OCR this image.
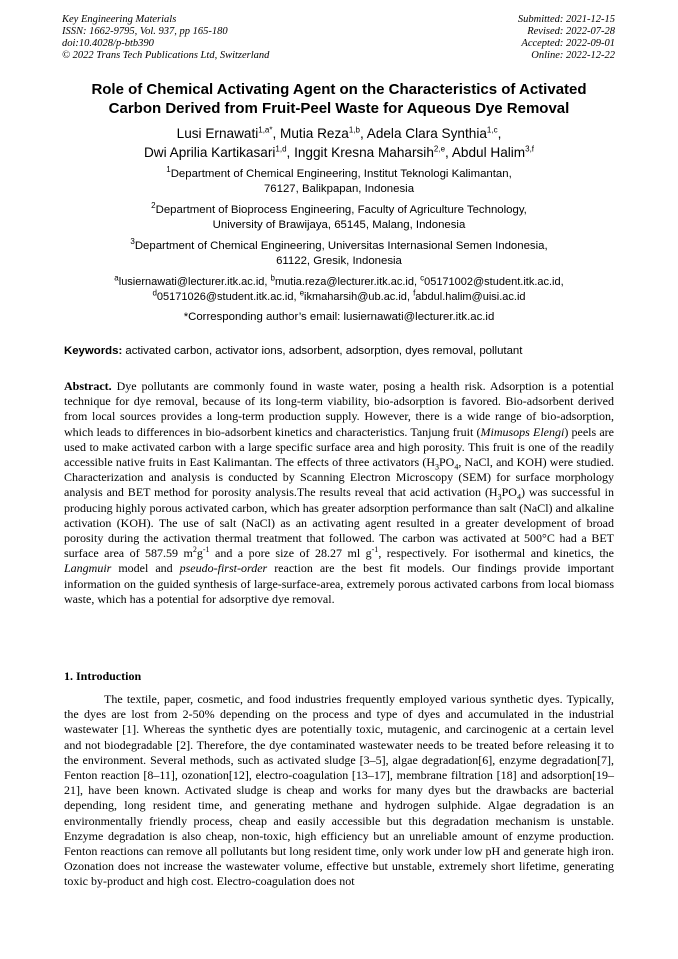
Key Engineering Materials
ISSN: 1662-9795, Vol. 937, pp 165-180
doi:10.4028/p-btb390
© 2022 Trans Tech Publications Ltd, Switzerland
Submitted: 2021-12-15
Revised: 2022-07-28
Accepted: 2022-09-01
Online: 2022-12-22
Role of Chemical Activating Agent on the Characteristics of Activated
Carbon Derived from Fruit-Peel Waste for Aqueous Dye Removal
Lusi Ernawati$^{1,a*}$, Mutia Reza$^{1,b}$, Adela Clara Synthia$^{1,c}$,
Dwi Aprilia Kartikasari$^{1,d}$, Inggit Kresna Maharsih$^{2,e}$, Abdul Halim$^{3,f}$
$^1$Department of Chemical Engineering, Institut Teknologi Kalimantan,
76127, Balikpapan, Indonesia
$^2$Department of Bioprocess Engineering, Faculty of Agriculture Technology,
University of Brawijaya, 65145, Malang, Indonesia
$^3$Department of Chemical Engineering, Universitas Internasional Semen Indonesia,
61122, Gresik, Indonesia
$^a$lusiernawati@lecturer.itk.ac.id, $^b$mutia.reza@lecturer.itk.ac.id, $^c$05171002@student.itk.ac.id,
$^d$05171026@student.itk.ac.id, $^e$ikmaharsih@ub.ac.id, $^f$abdul.halim@uisi.ac.id
*Corresponding author’s email: lusiernawati@lecturer.itk.ac.id
Keywords: activated carbon, activator ions, adsorbent, adsorption, dyes removal, pollutant
Abstract. Dye pollutants are commonly found in waste water, posing a health risk. Adsorption is a potential technique for dye removal, because of its long-term viability, bio-adsorption is favored. Bio-adsorbent derived from local sources provides a long-term production supply. However, there is a wide range of bio-adsorption, which leads to differences in bio-adsorbent kinetics and characteristics. Tanjung fruit (Mimusops Elengi) peels are used to make activated carbon with a large specific surface area and high porosity. This fruit is one of the readily accessible native fruits in East Kalimantan. The effects of three activators ($H_3PO_4$, NaCl, and KOH) were studied. Characterization and analysis is conducted by Scanning Electron Microscopy (SEM) for surface morphology analysis and BET method for porosity analysis.The results reveal that acid activation $(H_3PO_4)$ was successful in producing highly porous activated carbon, which has greater adsorption performance than salt (NaCl) and alkaline activation (KOH). The use of salt (NaCl) as an activating agent resulted in a greater development of broad porosity during the activation thermal treatment that followed. The carbon was activated at 500°C had a BET surface area of 587.59 $m^2g^{-1}$ and a pore size of 28.27 ml $g^{-1}$, respectively. For isothermal and kinetics, the Langmuir model and pseudo-first-order reaction are the best fit models. Our findings provide important information on the guided synthesis of large-surface-area, extremely porous activated carbons from local biomass waste, which has a potential for adsorptive dye removal.
1. Introduction
The textile, paper, cosmetic, and food industries frequently employed various synthetic dyes. Typically, the dyes are lost from 2-50% depending on the process and type of dyes and accumulated in the industrial wastewater [1]. Whereas the synthetic dyes are potentially toxic, mutagenic, and carcinogenic at a certain level and not biodegradable [2]. Therefore, the dye contaminated wastewater needs to be treated before releasing it to the environment. Several methods, such as activated sludge [3–5], algae degradation[6], enzyme degradation[7], Fenton reaction [8–11], ozonation[12], electro-coagulation [13–17], membrane filtration [18] and adsorption[19–21], have been known. Activated sludge is cheap and works for many dyes but the drawbacks are bacterial depending, long resident time, and generating methane and hydrogen sulphide. Algae degradation is an environmentally friendly process, cheap and easily accessible but this degradation mechanism is unstable. Enzyme degradation is also cheap, non-toxic, high efficiency but an unreliable amount of enzyme production. Fenton reactions can remove all pollutants but long resident time, only work under low pH and generate high iron. Ozonation does not increase the wastewater volume, effective but unstable, extremely short lifetime, generating toxic by-product and high cost. Electro-coagulation does not
